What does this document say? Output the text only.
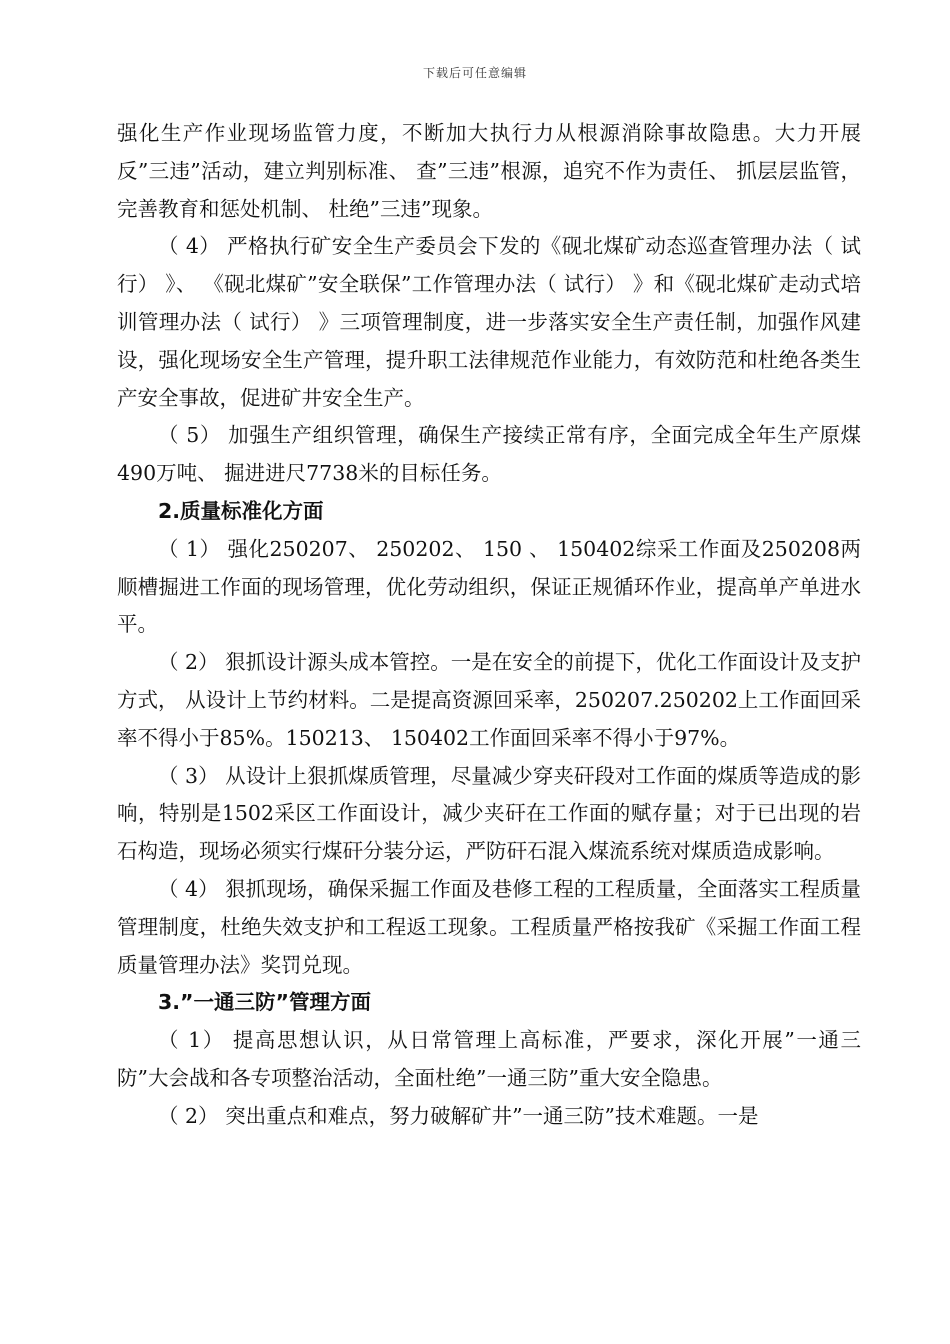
下载后可任意编辑

强化生产作业现场监管力度，不断加大执行力从根源消除事故隐患。大力开展反”三违”活动，建立判别标准、 查”三违”根源，追究不作为责任、 抓层层监管，完善教育和惩处机制、 杜绝”三违”现象。

（ 4） 严格执行矿安全生产委员会下发的《砚北煤矿动态巡查管理办法（ 试行） 》、 《砚北煤矿”安全联保”工作管理办法（ 试行） 》和《砚北煤矿走动式培训管理办法（ 试行） 》三项管理制度，进一步落实安全生产责任制，加强作风建设，强化现场安全生产管理，提升职工法律规范作业能力，有效防范和杜绝各类生产安全事故，促进矿井安全生产。

（ 5） 加强生产组织管理，确保生产接续正常有序，全面完成全年生产原煤490万吨、 掘进进尺7738米的目标任务。

2.质量标准化方面

（ 1） 强化250207、 250202、 150 、 150402综采工作面及250208两顺槽掘进工作面的现场管理，优化劳动组织，保证正规循环作业，提高单产单进水平。

（ 2） 狠抓设计源头成本管控。一是在安全的前提下，优化工作面设计及支护方式， 从设计上节约材料。二是提高资源回采率，250207.250202上工作面回采率不得小于85%。150213、 150402工作面回采率不得小于97%。

（ 3） 从设计上狠抓煤质管理，尽量减少穿夹矸段对工作面的煤质等造成的影响，特别是1502采区工作面设计，减少夹矸在工作面的赋存量；对于已出现的岩石构造，现场必须实行煤矸分装分运，严防矸石混入煤流系统对煤质造成影响。

（ 4） 狠抓现场，确保采掘工作面及巷修工程的工程质量，全面落实工程质量管理制度，杜绝失效支护和工程返工现象。工程质量严格按我矿《采掘工作面工程质量管理办法》奖罚兑现。

3.”一通三防”管理方面

（ 1） 提高思想认识，从日常管理上高标准，严要求，深化开展”一通三防”大会战和各专项整治活动，全面杜绝”一通三防”重大安全隐患。

（ 2） 突出重点和难点，努力破解矿井”一通三防”技术难题。一是
